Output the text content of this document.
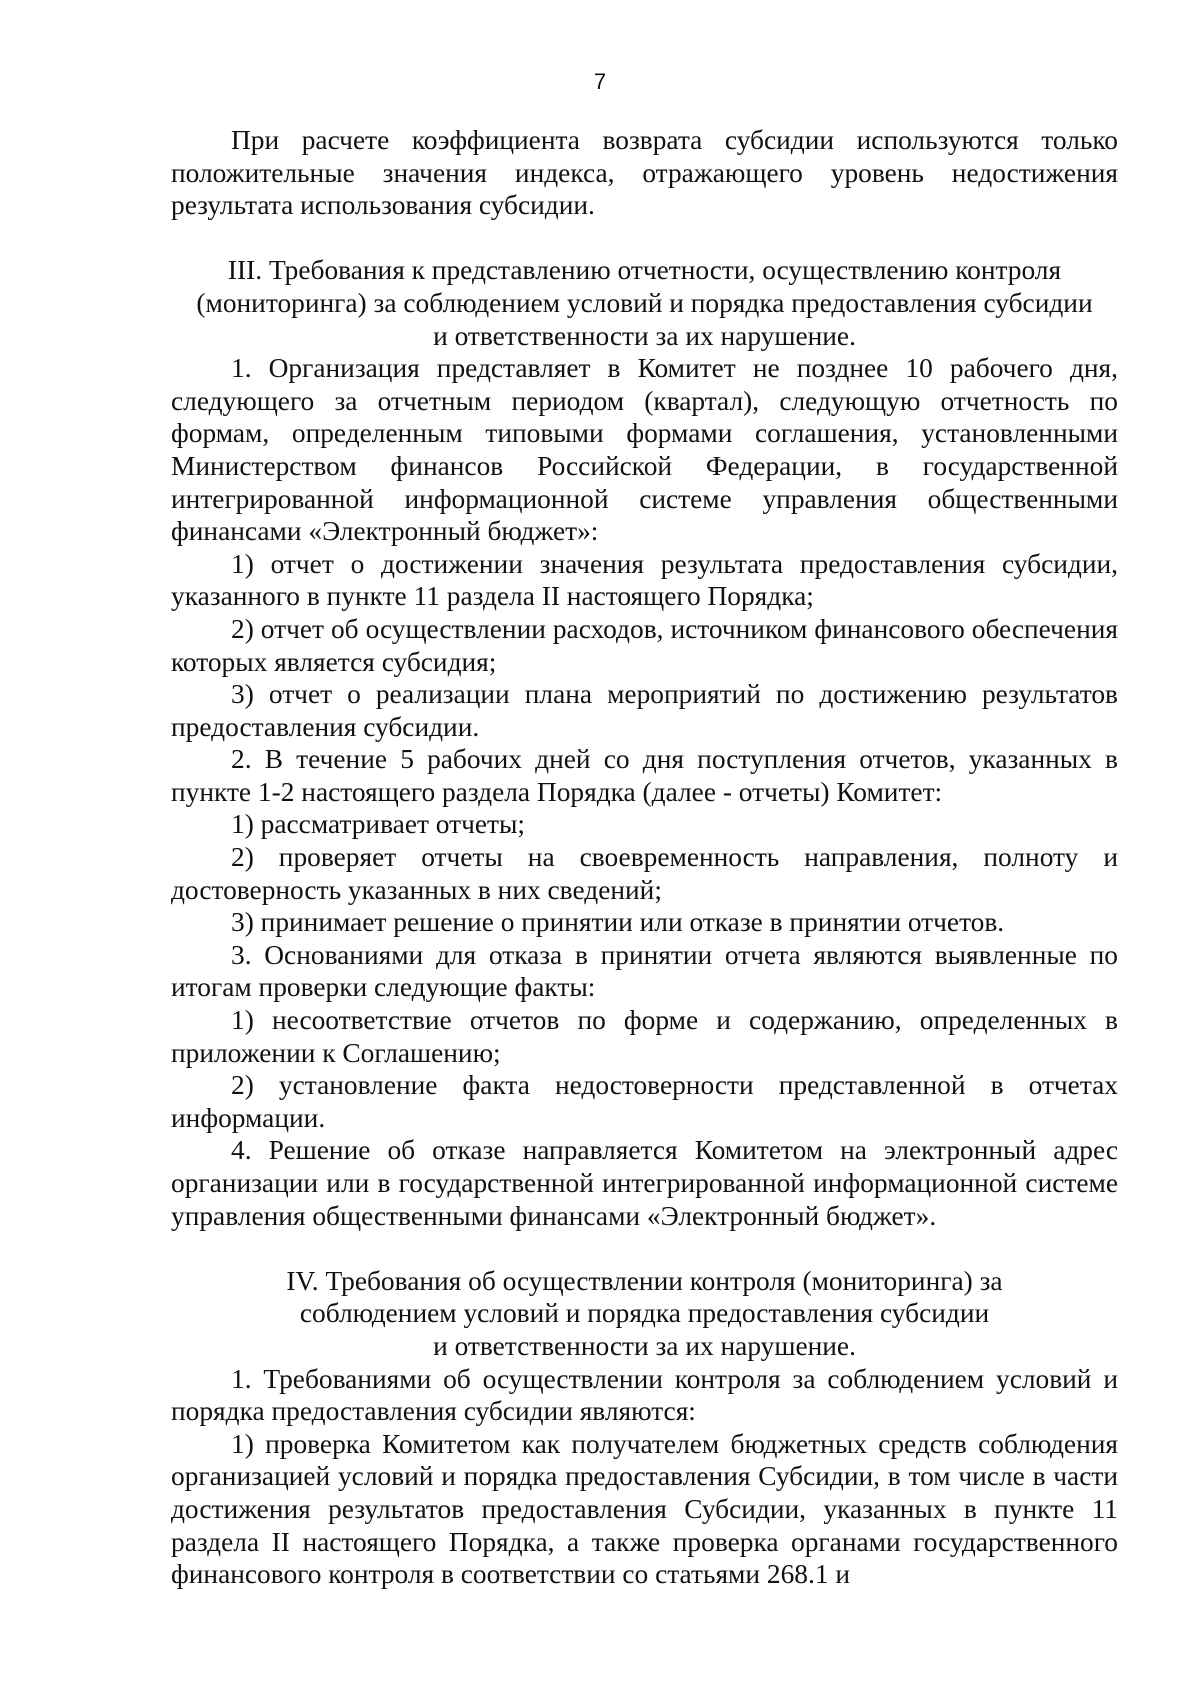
7

При расчете коэффициента возврата субсидии используются только положительные значения индекса, отражающего уровень недостижения результата использования субсидии.

III. Требования к представлению отчетности, осуществлению контроля
(мониторинга) за соблюдением условий и порядка предоставления субсидии
и ответственности за их нарушение.

1. Организация представляет в Комитет не позднее 10 рабочего дня, следующего за отчетным периодом (квартал), следующую отчетность по формам, определенным типовыми формами соглашения, установленными Министерством финансов Российской Федерации, в государственной интегрированной информационной системе управления общественными финансами «Электронный бюджет»:

1) отчет о достижении значения результата предоставления субсидии, указанного в пункте 11 раздела II настоящего Порядка;

2) отчет об осуществлении расходов, источником финансового обеспечения которых является субсидия;

3) отчет о реализации плана мероприятий по достижению результатов предоставления субсидии.

2. В течение 5 рабочих дней со дня поступления отчетов, указанных в пункте 1-2 настоящего раздела Порядка (далее - отчеты) Комитет:

1) рассматривает отчеты;

2) проверяет отчеты на своевременность направления, полноту и достоверность указанных в них сведений;

3) принимает решение о принятии или отказе в принятии отчетов.

3. Основаниями для отказа в принятии отчета являются выявленные по итогам проверки следующие факты:

1) несоответствие отчетов по форме и содержанию, определенных в приложении к Соглашению;

2) установление факта недостоверности представленной в отчетах информации.

4. Решение об отказе направляется Комитетом на электронный адрес организации или в государственной интегрированной информационной системе управления общественными финансами «Электронный бюджет».

IV. Требования об осуществлении контроля (мониторинга) за
соблюдением условий и порядка предоставления субсидии
и ответственности за их нарушение.

1. Требованиями об осуществлении контроля за соблюдением условий и порядка предоставления субсидии являются:

1) проверка Комитетом как получателем бюджетных средств соблюдения организацией условий и порядка предоставления Субсидии, в том числе в части достижения результатов предоставления Субсидии, указанных в пункте 11 раздела II настоящего Порядка, а также проверка органами государственного финансового контроля в соответствии со статьями 268.1 и
